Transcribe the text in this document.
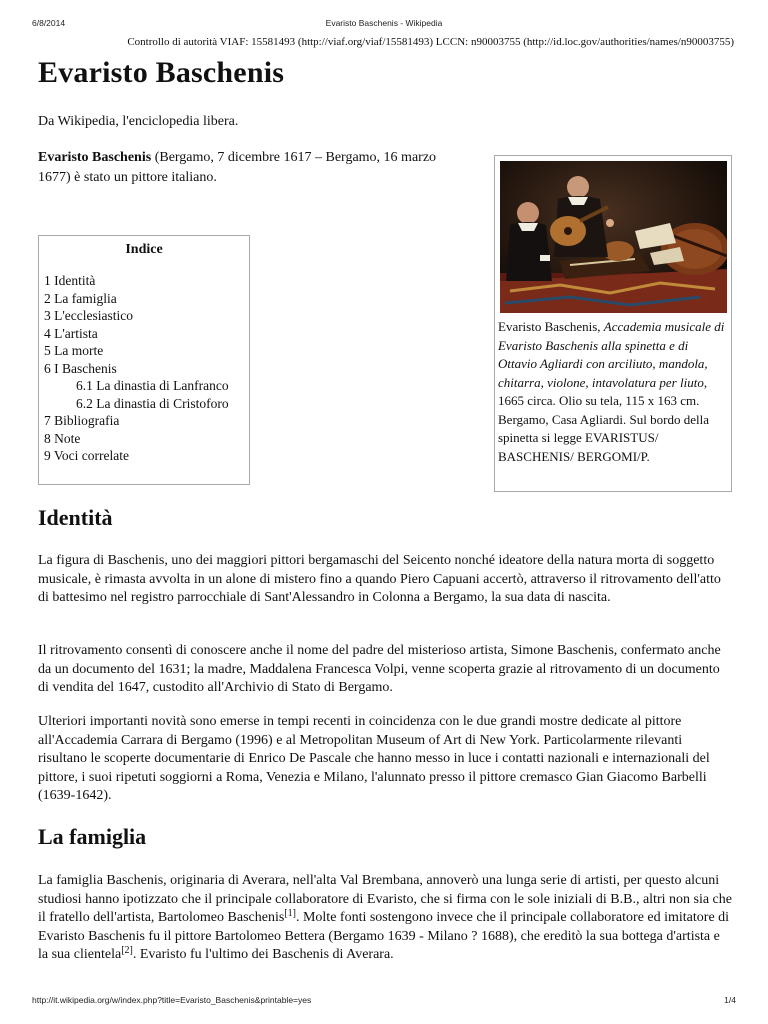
6/8/2014	Evaristo Baschenis - Wikipedia
Controllo di autorità VIAF: 15581493 (http://viaf.org/viaf/15581493) LCCN: n90003755 (http://id.loc.gov/authorities/names/n90003755)
Evaristo Baschenis
Da Wikipedia, l'enciclopedia libera.
Evaristo Baschenis (Bergamo, 7 dicembre 1617 – Bergamo, 16 marzo 1677) è stato un pittore italiano.
Indice
1 Identità
2 La famiglia
3 L'ecclesiastico
4 L'artista
5 La morte
6 I Baschenis
6.1 La dinastia di Lanfranco
6.2 La dinastia di Cristoforo
7 Bibliografia
8 Note
9 Voci correlate
Evaristo Baschenis, Accademia musicale di Evaristo Baschenis alla spinetta e di Ottavio Agliardi con arciliuto, mandola, chitarra, violone, intavolatura per liuto, 1665 circa. Olio su tela, 115 x 163 cm. Bergamo, Casa Agliardi. Sul bordo della spinetta si legge EVARISTUS/ BASCHENIS/ BERGOMI/P.
Identità
La figura di Baschenis, uno dei maggiori pittori bergamaschi del Seicento nonché ideatore della natura morta di soggetto musicale, è rimasta avvolta in un alone di mistero fino a quando Piero Capuani accertò, attraverso il ritrovamento dell'atto di battesimo nel registro parrocchiale di Sant'Alessandro in Colonna a Bergamo, la sua data di nascita.
Il ritrovamento consentì di conoscere anche il nome del padre del misterioso artista, Simone Baschenis, confermato anche da un documento del 1631; la madre, Maddalena Francesca Volpi, venne scoperta grazie al ritrovamento di un documento di vendita del 1647, custodito all'Archivio di Stato di Bergamo.
Ulteriori importanti novità sono emerse in tempi recenti in coincidenza con le due grandi mostre dedicate al pittore all'Accademia Carrara di Bergamo (1996) e al Metropolitan Museum of Art di New York. Particolarmente rilevanti risultano le scoperte documentarie di Enrico De Pascale che hanno messo in luce i contatti nazionali e internazionali del pittore, i suoi ripetuti soggiorni a Roma, Venezia e Milano, l'alunnato presso il pittore cremasco Gian Giacomo Barbelli (1639-1642).
La famiglia
La famiglia Baschenis, originaria di Averara, nell'alta Val Brembana, annoverò una lunga serie di artisti, per questo alcuni studiosi hanno ipotizzato che il principale collaboratore di Evaristo, che si firma con le sole iniziali di B.B., altri non sia che il fratello dell'artista, Bartolomeo Baschenis[1]. Molte fonti sostengono invece che il principale collaboratore ed imitatore di Evaristo Baschenis fu il pittore Bartolomeo Bettera (Bergamo 1639 - Milano ? 1688), che ereditò la sua bottega d'artista e la sua clientela[2]. Evaristo fu l'ultimo dei Baschenis di Averara.
http://it.wikipedia.org/w/index.php?title=Evaristo_Baschenis&printable=yes	1/4
